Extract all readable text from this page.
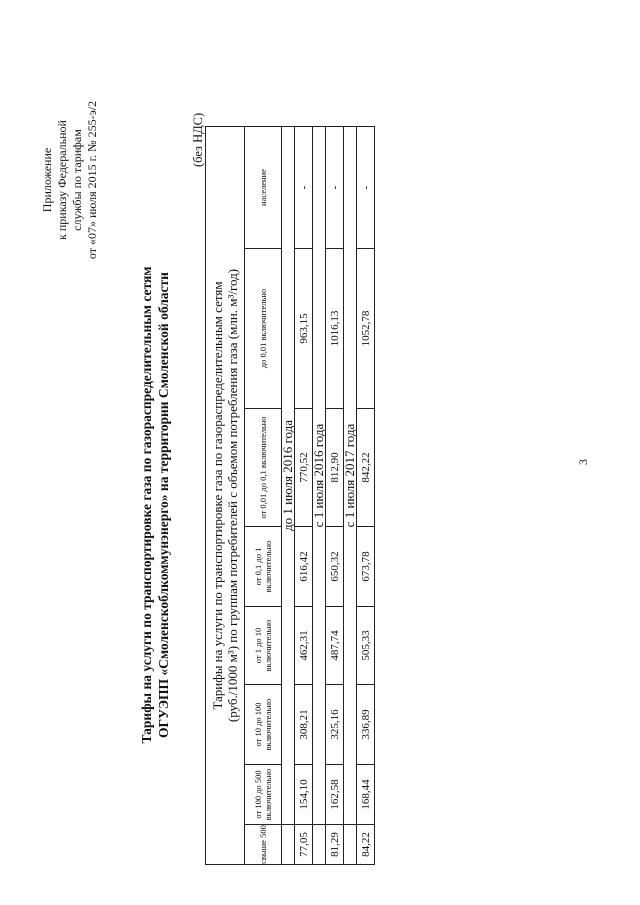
Приложение к приказу Федеральной службы по тарифам от «07» июля 2015 г. № 255-э/2
Тарифы на услуги по транспортировке газа по газораспределительным сетям ОГУЭПП «Смоленскоблкоммунэнерго» на территории Смоленской области
(без НДС)
Тарифы на услуги по транспортировке газа по газораспределительным сетям (руб./1000 м³) по группам потребителей с объемом потребления газа (млн. м³/год)							

свыше 500	от 100 до 500 включительно	от 10 до 100 включительно	от 1 до 10 включительно	от 0,1 до 1 включительно	от 0,01 до 0,1 включительно	до 0,01 включительно	население
	до 1 июля 2016 года						
77,05	154,10	308,21	462,31	616,42	770,52	963,15	-
	с 1 июля 2016 года						
81,29	162,58	325,16	487,74	650,32	812,90	1016,13	-
	с 1 июля 2017 года						
84,22	168,44	336,89	505,33	673,78	842,22	1052,78	-
3
